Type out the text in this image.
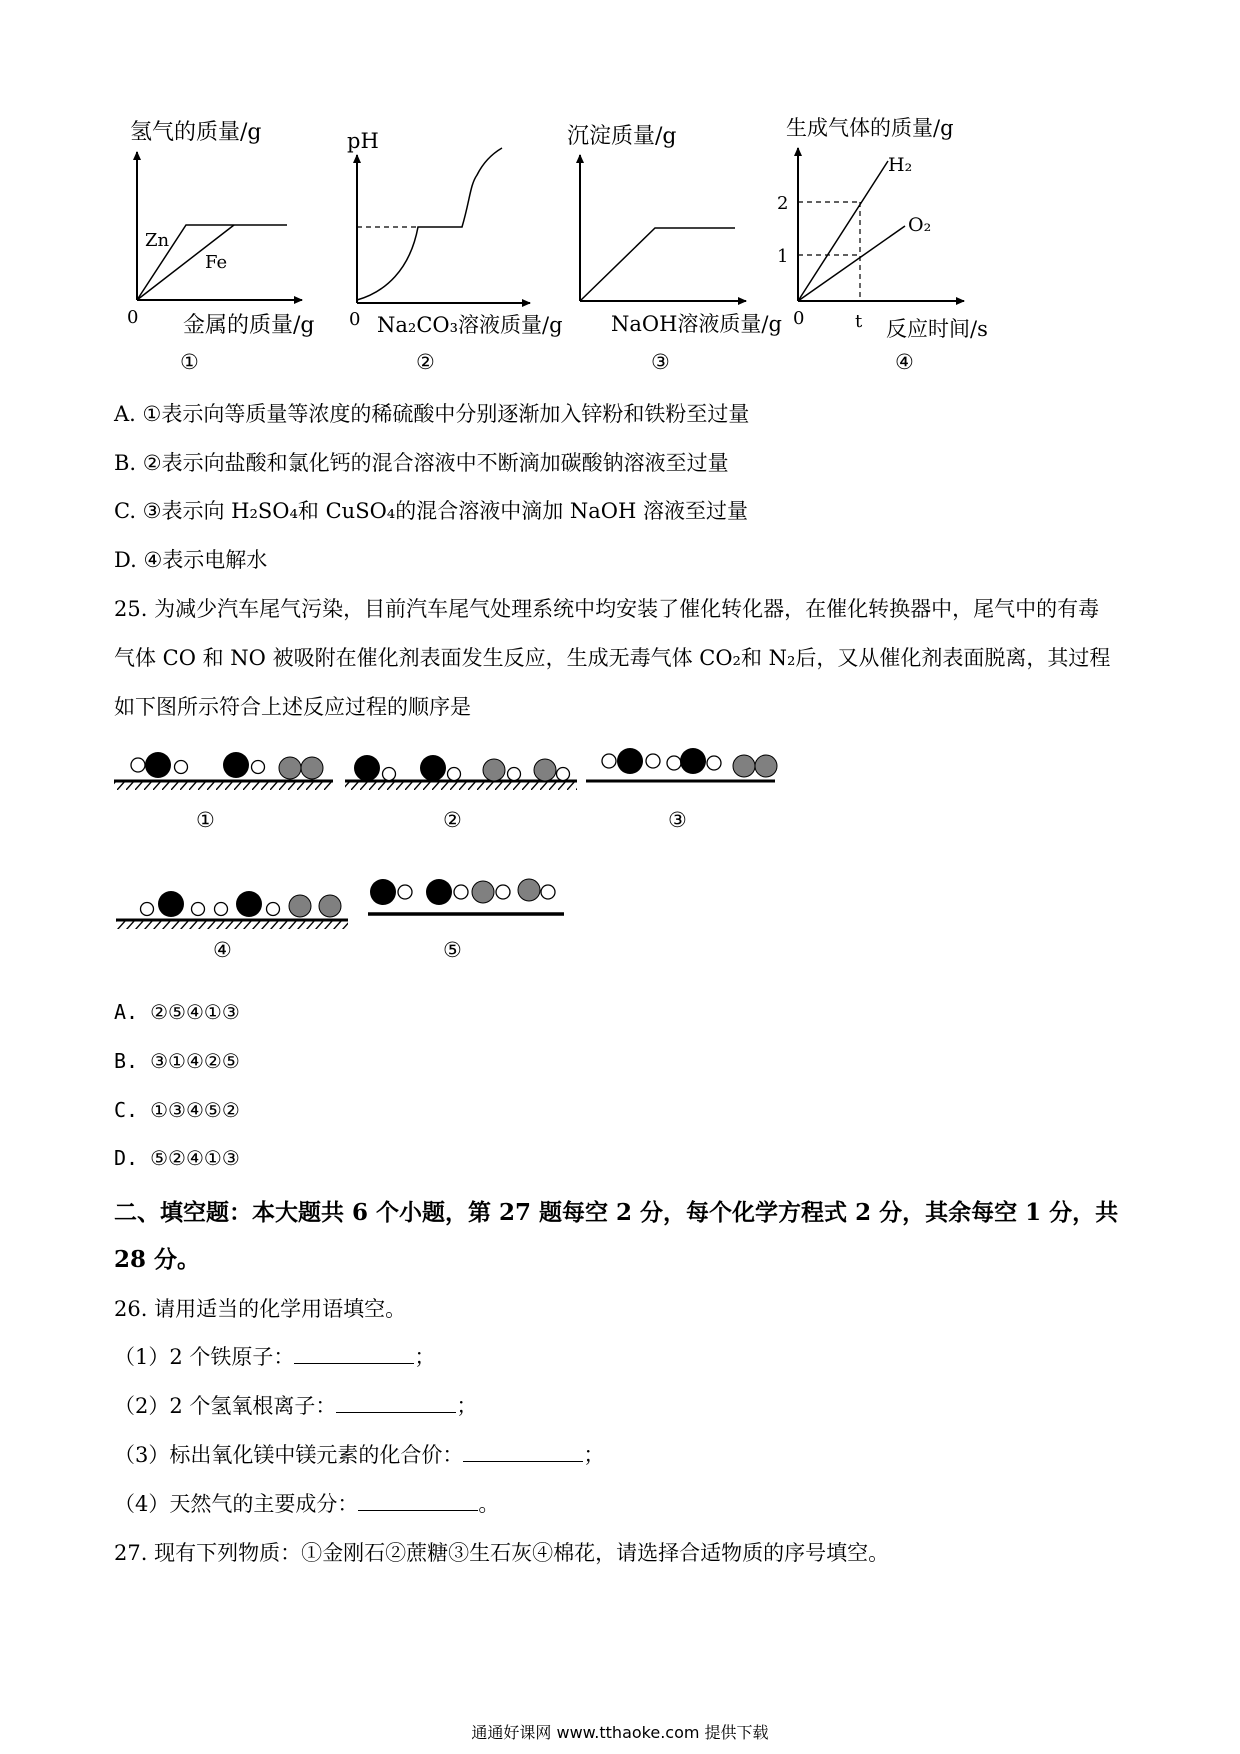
氢气的质量/g
金属的质量/g
0
Zn
Fe
①
pH
Na₂CO₃溶液质量/g
0
②
沉淀质量/g
NaOH溶液质量/g
③
生成气体的质量/g
反应时间/s
0	t
2
1
H₂
O₂
④
①	②	③
④	⑤
A. ①表示向等质量等浓度的稀硫酸中分别逐渐加入锌粉和铁粉至过量
B. ②表示向盐酸和氯化钙的混合溶液中不断滴加碳酸钠溶液至过量
C. ③表示向 H₂SO₄和 CuSO₄的混合溶液中滴加 NaOH 溶液至过量
D. ④表示电解水
25. 为减少汽车尾气污染，目前汽车尾气处理系统中均安装了催化转化器，在催化转换器中，尾气中的有毒
气体 CO 和 NO 被吸附在催化剂表面发生反应，生成无毒气体 CO₂和 N₂后，又从催化剂表面脱离，其过程
如下图所示符合上述反应过程的顺序是
A. ②⑤④①③
B. ③①④②⑤
C. ①③④⑤②
D. ⑤②④①③
二、填空题：本大题共 6 个小题，第 27 题每空 2 分，每个化学方程式 2 分，其余每空 1 分，共 28 分。
26. 请用适当的化学用语填空。
（1）2 个铁原子：	；
（2）2 个氢氧根离子：	；
（3）标出氧化镁中镁元素的化合价：	；
（4）天然气的主要成分：	。
27. 现有下列物质：①金刚石②蔗糖③生石灰④棉花，请选择合适物质的序号填空。
通通好课网 www.tthaoke.com 提供下载
